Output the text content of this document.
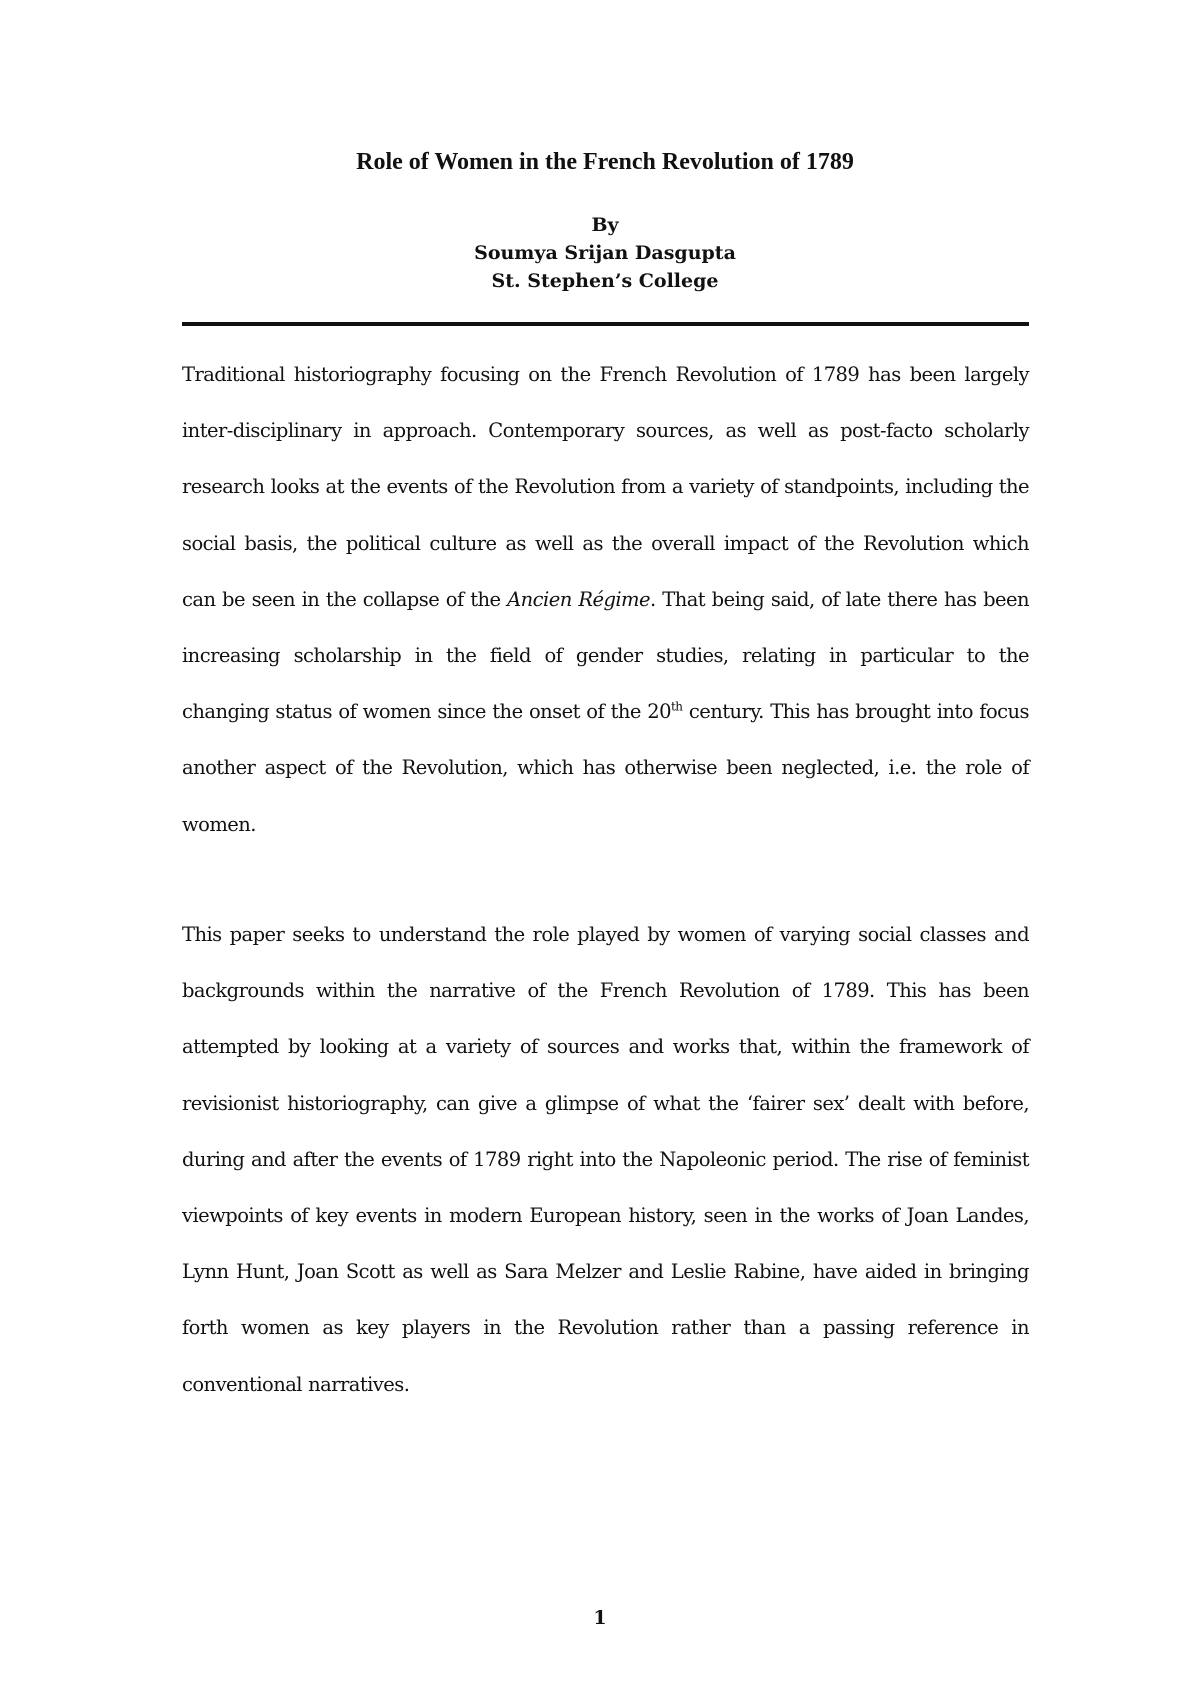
Role of Women in the French Revolution of 1789
By
Soumya Srijan Dasgupta
St. Stephen’s College

Traditional historiography focusing on the French Revolution of 1789 has been largely inter-disciplinary in approach. Contemporary sources, as well as post-facto scholarly research looks at the events of the Revolution from a variety of standpoints, including the social basis, the political culture as well as the overall impact of the Revolution which can be seen in the collapse of the Ancien Régime. That being said, of late there has been increasing scholarship in the field of gender studies, relating in particular to the changing status of women since the onset of the 20th century. This has brought into focus another aspect of the Revolution, which has otherwise been neglected, i.e. the role of women.

This paper seeks to understand the role played by women of varying social classes and backgrounds within the narrative of the French Revolution of 1789. This has been attempted by looking at a variety of sources and works that, within the framework of revisionist historiography, can give a glimpse of what the ‘fairer sex’ dealt with before, during and after the events of 1789 right into the Napoleonic period. The rise of feminist viewpoints of key events in modern European history, seen in the works of Joan Landes, Lynn Hunt, Joan Scott as well as Sara Melzer and Leslie Rabine, have aided in bringing forth women as key players in the Revolution rather than a passing reference in conventional narratives.

1
